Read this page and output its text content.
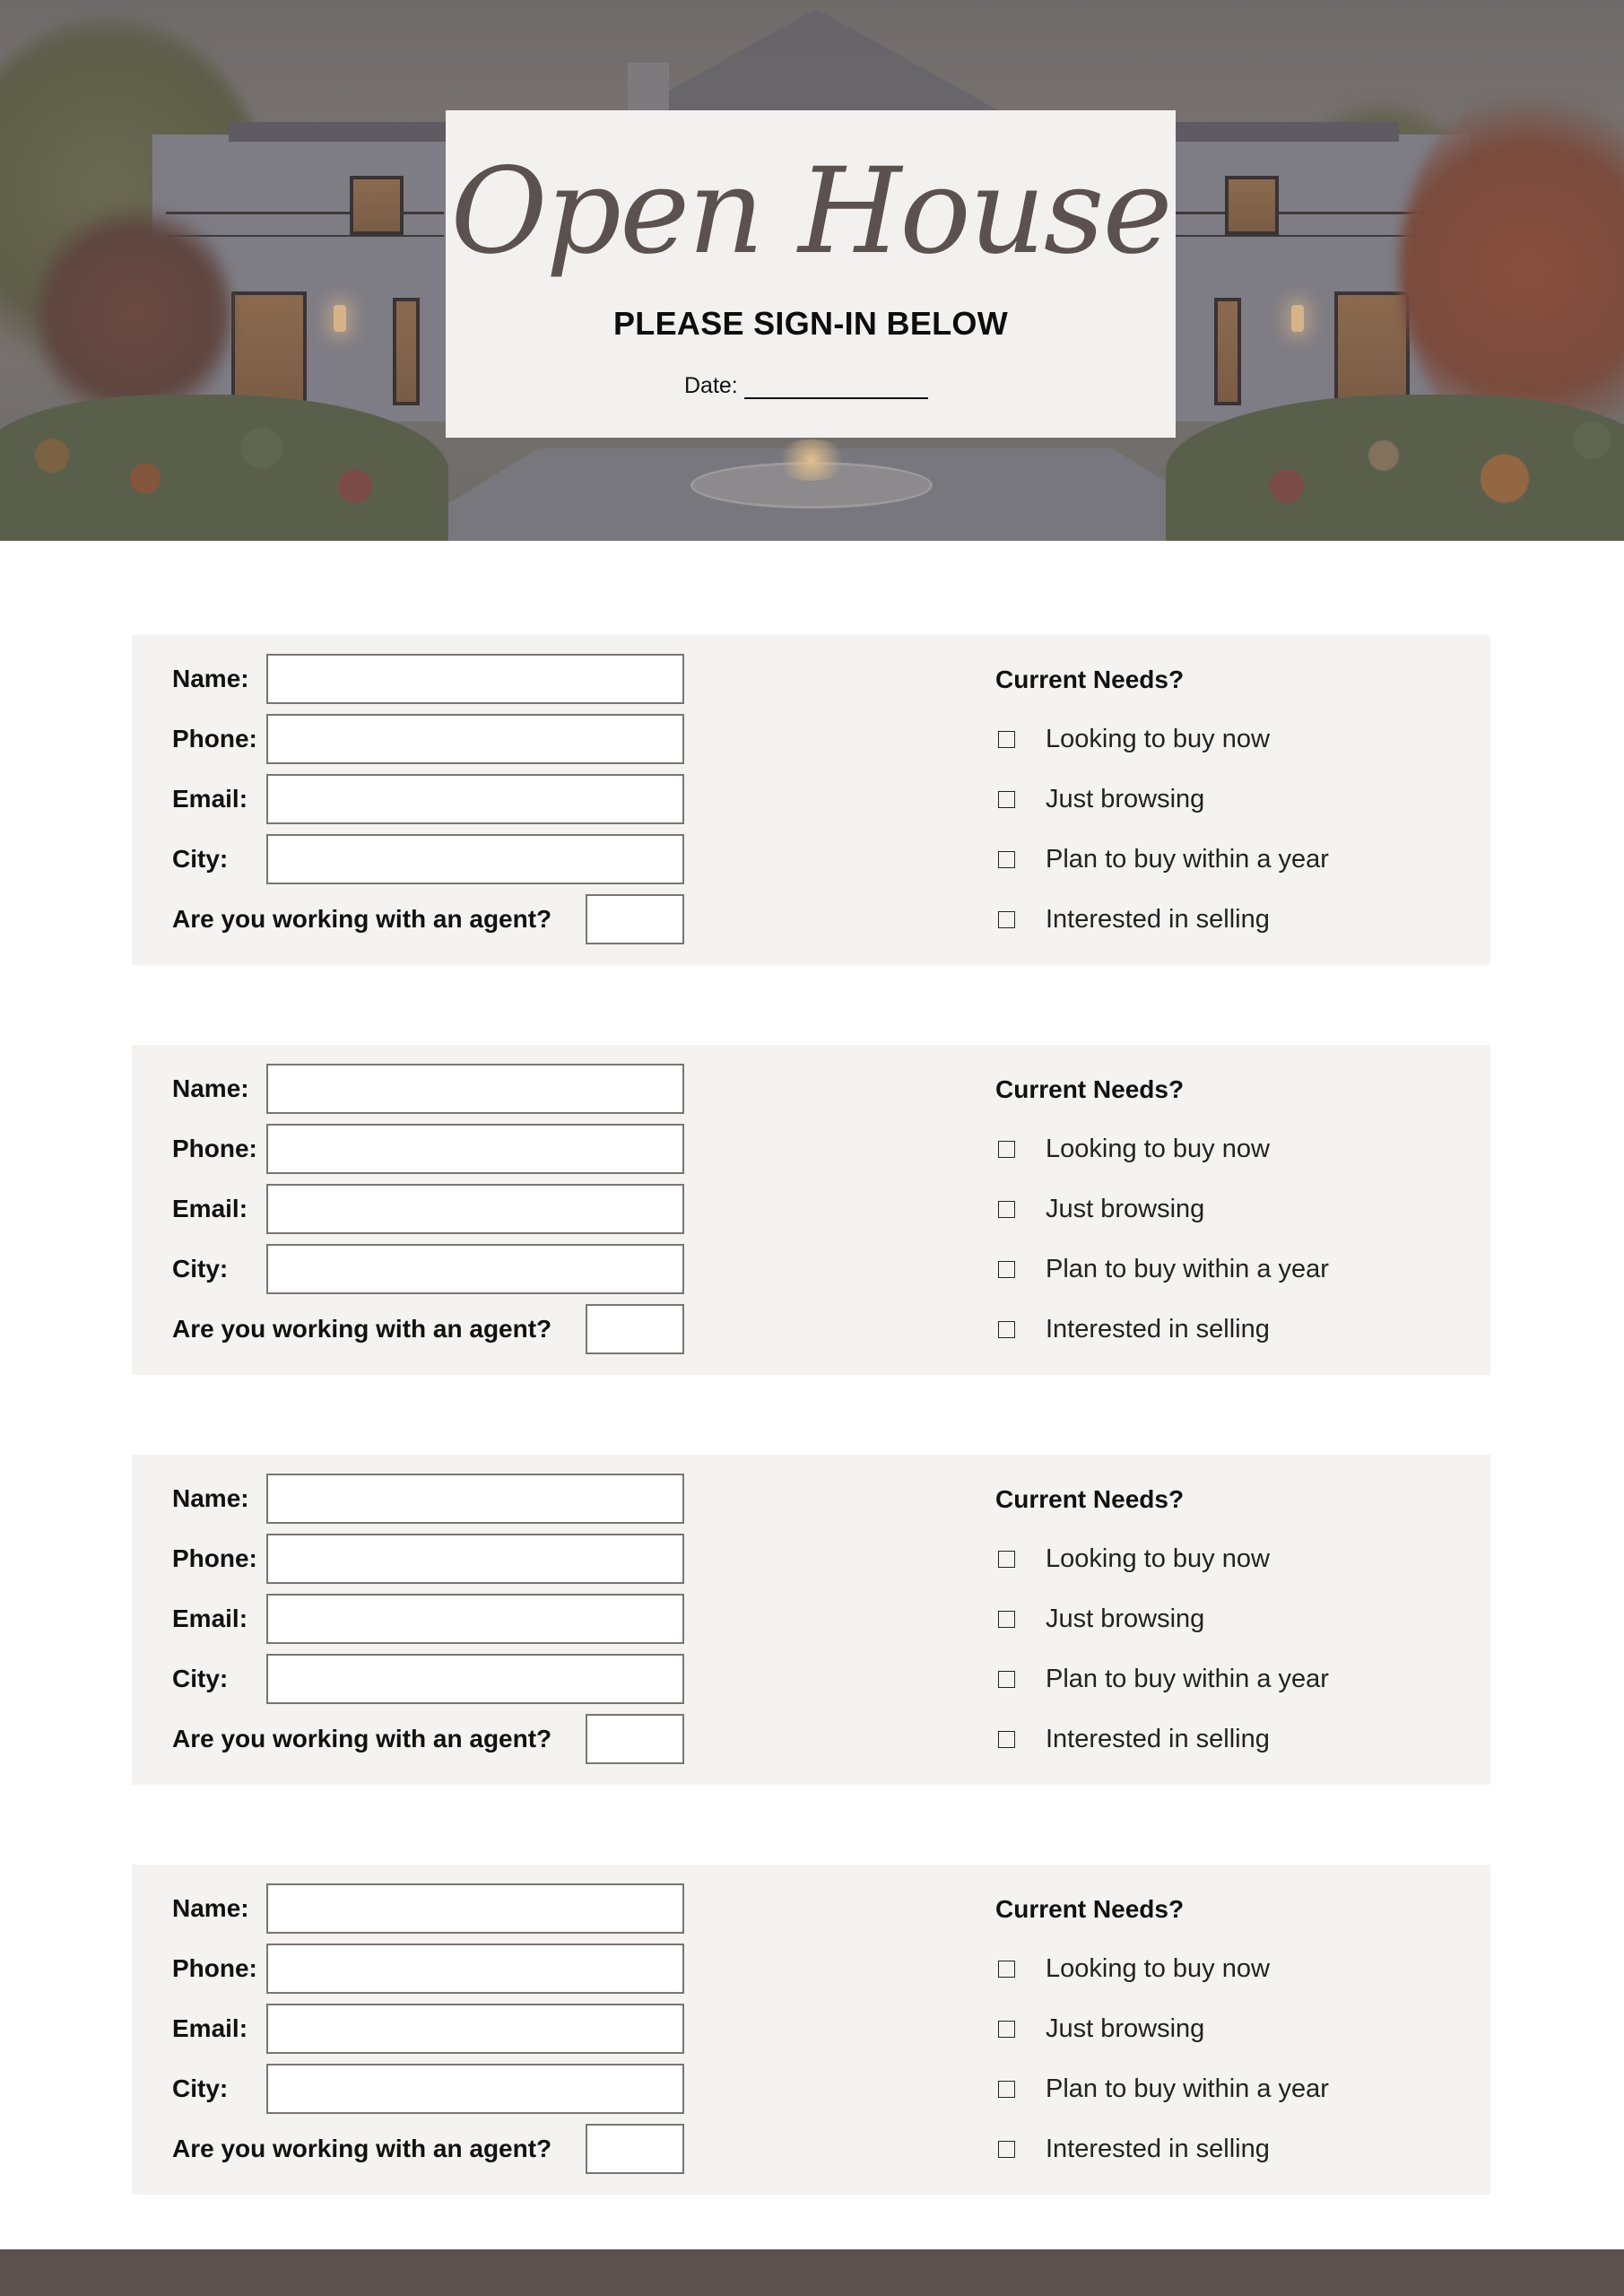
Open House
PLEASE SIGN-IN BELOW
Date:
Name:
Phone:
Email:
City:
Are you working with an agent?
Current Needs?
Looking to buy now
Just browsing
Plan to buy within a year
Interested in selling
Name:
Phone:
Email:
City:
Are you working with an agent?
Current Needs?
Looking to buy now
Just browsing
Plan to buy within a year
Interested in selling
Name:
Phone:
Email:
City:
Are you working with an agent?
Current Needs?
Looking to buy now
Just browsing
Plan to buy within a year
Interested in selling
Name:
Phone:
Email:
City:
Are you working with an agent?
Current Needs?
Looking to buy now
Just browsing
Plan to buy within a year
Interested in selling
